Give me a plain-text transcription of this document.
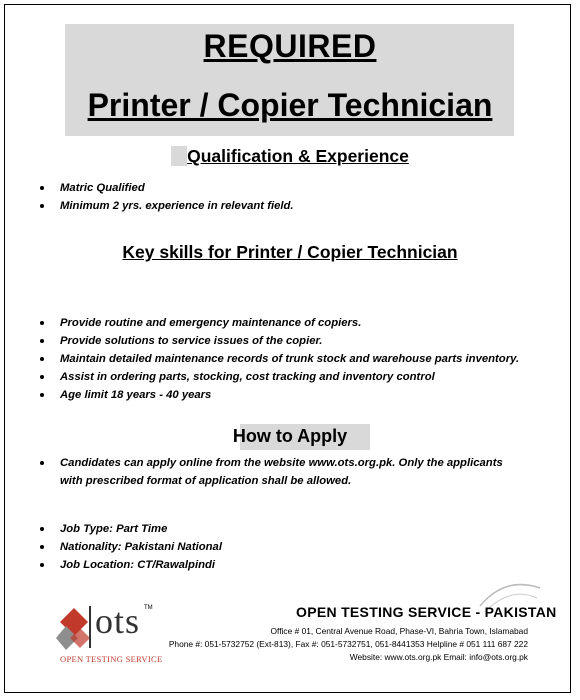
REQUIRED
Printer / Copier Technician
Qualification & Experience
Matric Qualified
Minimum 2 yrs. experience in relevant field.
Key skills for Printer / Copier Technician
Provide routine and emergency maintenance of copiers.
Provide solutions to service issues of the copier.
Maintain detailed maintenance records of trunk stock and warehouse parts inventory.
Assist in ordering parts, stocking, cost tracking and inventory control
Age limit 18 years - 40 years
How to Apply
Candidates can apply online from the website www.ots.org.pk. Only the applicants with prescribed format of application shall be allowed.
Job Type: Part Time
Nationality: Pakistani National
Job Location: CT/Rawalpindi
ots TM
OPEN TESTING SERVICE
OPEN TESTING SERVICE - PAKISTAN
Office # 01, Central Avenue Road, Phase-VI, Bahria Town, Islamabad
Phone #: 051-5732752 (Ext-813), Fax #: 051-5732751, 051-8441353 Helpline # 051 111 687 222
Website: www.ots.org.pk Email: info@ots.org.pk
